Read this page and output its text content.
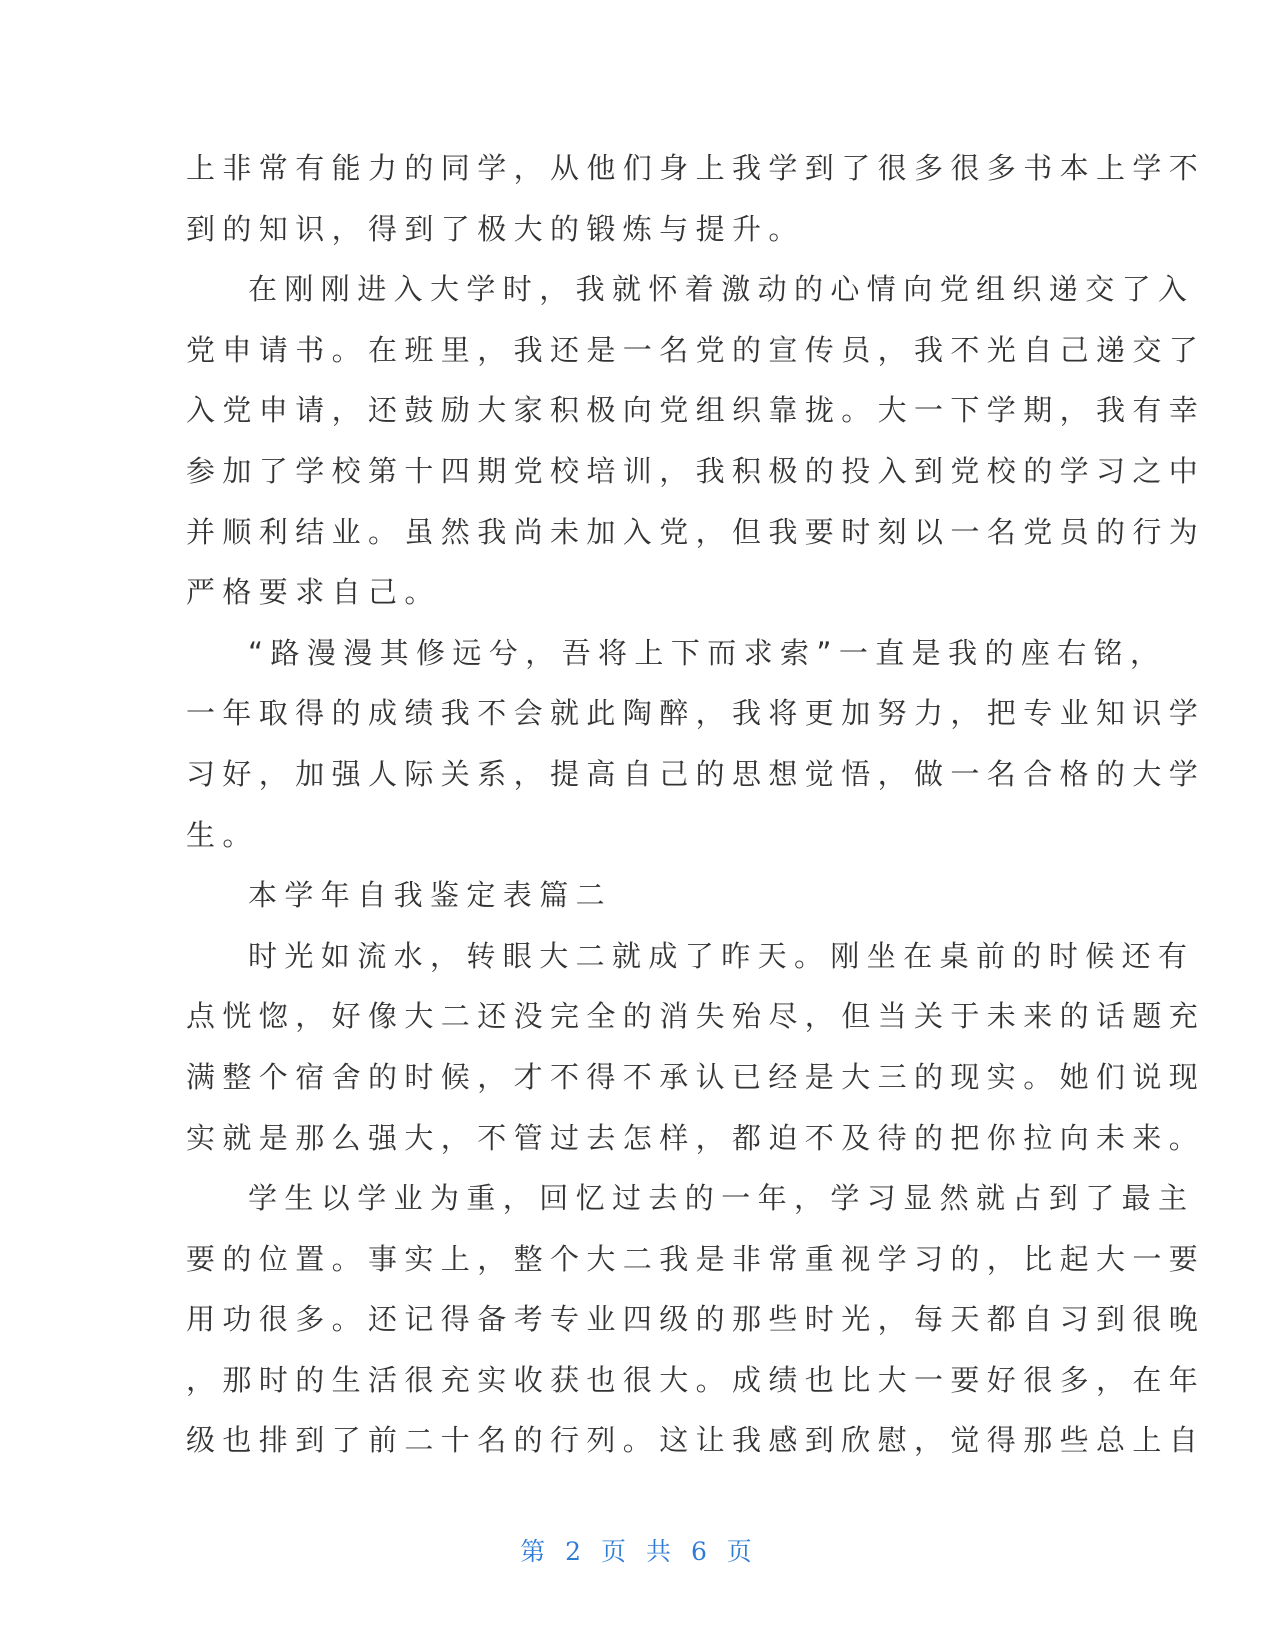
上非常有能力的同学，从他们身上我学到了很多很多书本上学不
到的知识，得到了极大的锻炼与提升。
在刚刚进入大学时，我就怀着激动的心情向党组织递交了入
党申请书。在班里，我还是一名党的宣传员，我不光自己递交了
入党申请，还鼓励大家积极向党组织靠拢。大一下学期，我有幸
参加了学校第十四期党校培训，我积极的投入到党校的学习之中
并顺利结业。虽然我尚未加入党，但我要时刻以一名党员的行为
严格要求自己。
“路漫漫其修远兮，吾将上下而求索”一直是我的座右铭，
一年取得的成绩我不会就此陶醉，我将更加努力，把专业知识学
习好，加强人际关系，提高自己的思想觉悟，做一名合格的大学
生。
本学年自我鉴定表篇二
时光如流水，转眼大二就成了昨天。刚坐在桌前的时候还有
点恍惚，好像大二还没完全的消失殆尽，但当关于未来的话题充
满整个宿舍的时候，才不得不承认已经是大三的现实。她们说现
实就是那么强大，不管过去怎样，都迫不及待的把你拉向未来。
学生以学业为重，回忆过去的一年，学习显然就占到了最主
要的位置。事实上，整个大二我是非常重视学习的，比起大一要
用功很多。还记得备考专业四级的那些时光，每天都自习到很晚
，那时的生活很充实收获也很大。成绩也比大一要好很多，在年
级也排到了前二十名的行列。这让我感到欣慰，觉得那些总上自
第 2 页 共 6 页
